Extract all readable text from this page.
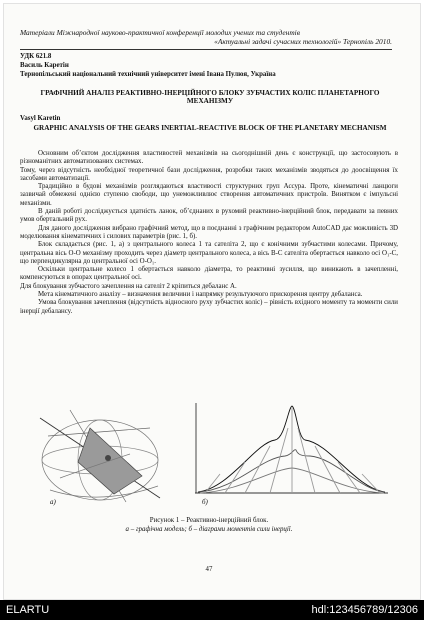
Матеріали Міжнародної науково-практичної конференції молодих учених та студентів
«Актуальні задачі сучасних технологій» Тернопіль 2010.
УДК 621.8
Василь Каретін
Тернопільський національний технічний університет імені Івана Пулюя, Україна
ГРАФІЧНИЙ АНАЛІЗ РЕАКТИВНО-ІНЕРЦІЙНОГО БЛОКУ ЗУБЧАСТИХ КОЛІС ПЛАНЕТАРНОГО МЕХАНІЗМУ
Vasyl Karetin
GRAPHIC ANALYSIS OF THE GEARS INERTIAL-REACTIVE BLOCK OF THE PLANETARY MECHANISM
Основним об’єктом дослідження властивостей механізмів на сьогоднішній день є конструкції, що застосовують в різноманітних автоматизованих системах.
Тому, через відсутність необхідної теоретичної бази дослідження, розробки таких механізмів зводяться до доосвіщення їх засобами автоматизації.
Традиційно в будові механізмів розглядаються властивості структурних груп Ассура. Проте, кінематичні ланцюги зазвичай обмежені однією ступеню свободи, що унеможливлює створення автоматичних пристроїв. Винятком є імпульсні механізми.
В даній роботі досліджується здатність ланок, об’єднаних в рухомий реактивно-інерційний блок, передавати за певних умов обертальний рух.
Для даного дослідження вибрано графічний метод, що в поєднанні з графічним редактором AutoCAD дає можливість 3D моделювання кінематичних і силових параметрів (рис. 1, б).
Блок складається (рис. 1, а) з центрального колеса 1 та сателіта 2, що є конічними зубчастими колесами. Причому, центральна вісь О-О механізму проходить через діаметр центрального колеса, а вісь В-С сателіта обертається навколо осі О₁-С, що перпендикулярна до центральної осі О-О₁.
Оскільки центральне колесо 1 обертається навколо діаметра, то реактивні зусилля, що виникають в зачепленні, компенсуються в опорах центральної осі.
Для блокування зубчастого зачеплення на сателіт 2 кріпиться дебаланс А.
Мета кінематичного аналізу – визначення величини і напрямку результуючого прискорення центру дебаланса.
Умова блокування зачеплення (відсутність відносного руху зубчастих коліс) – рівність вхідного моменту та моменти сили інерції дебалансу.
а)	б)
Рисунок 1 – Реактивно-інерційний блок.
а – графічна модель; б – діаграми моментів сили інерції.
47
ELARTU	hdl:123456789/12306
